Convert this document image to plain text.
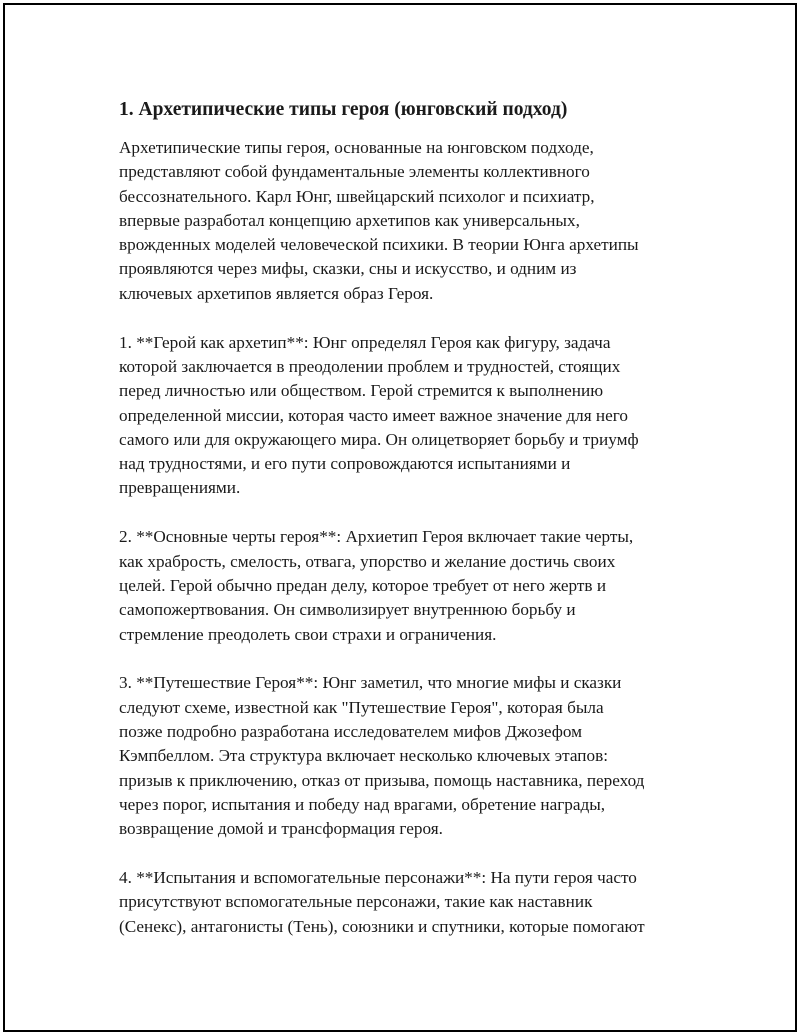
1. Архетипические типы героя (юнговский подход)
Архетипические типы героя, основанные на юнговском подходе,
представляют собой фундаментальные элементы коллективного
бессознательного. Карл Юнг, швейцарский психолог и психиатр,
впервые разработал концепцию архетипов как универсальных,
врожденных моделей человеческой психики. В теории Юнга архетипы
проявляются через мифы, сказки, сны и искусство, и одним из
ключевых архетипов является образ Героя.
1. **Герой как архетип**: Юнг определял Героя как фигуру, задача
которой заключается в преодолении проблем и трудностей, стоящих
перед личностью или обществом. Герой стремится к выполнению
определенной миссии, которая часто имеет важное значение для него
самого или для окружающего мира. Он олицетворяет борьбу и триумф
над трудностями, и его пути сопровождаются испытаниями и
превращениями.
2. **Основные черты героя**: Архиетип Героя включает такие черты,
как храбрость, смелость, отвага, упорство и желание достичь своих
целей. Герой обычно предан делу, которое требует от него жертв и
самопожертвования. Он символизирует внутреннюю борьбу и
стремление преодолеть свои страхи и ограничения.
3. **Путешествие Героя**: Юнг заметил, что многие мифы и сказки
следуют схеме, известной как "Путешествие Героя", которая была
позже подробно разработана исследователем мифов Джозефом
Кэмпбеллом. Эта структура включает несколько ключевых этапов:
призыв к приключению, отказ от призыва, помощь наставника, переход
через порог, испытания и победу над врагами, обретение награды,
возвращение домой и трансформация героя.
4. **Испытания и вспомогательные персонажи**: На пути героя часто
присутствуют вспомогательные персонажи, такие как наставник
(Сенекс), антагонисты (Тень), союзники и спутники, которые помогают
